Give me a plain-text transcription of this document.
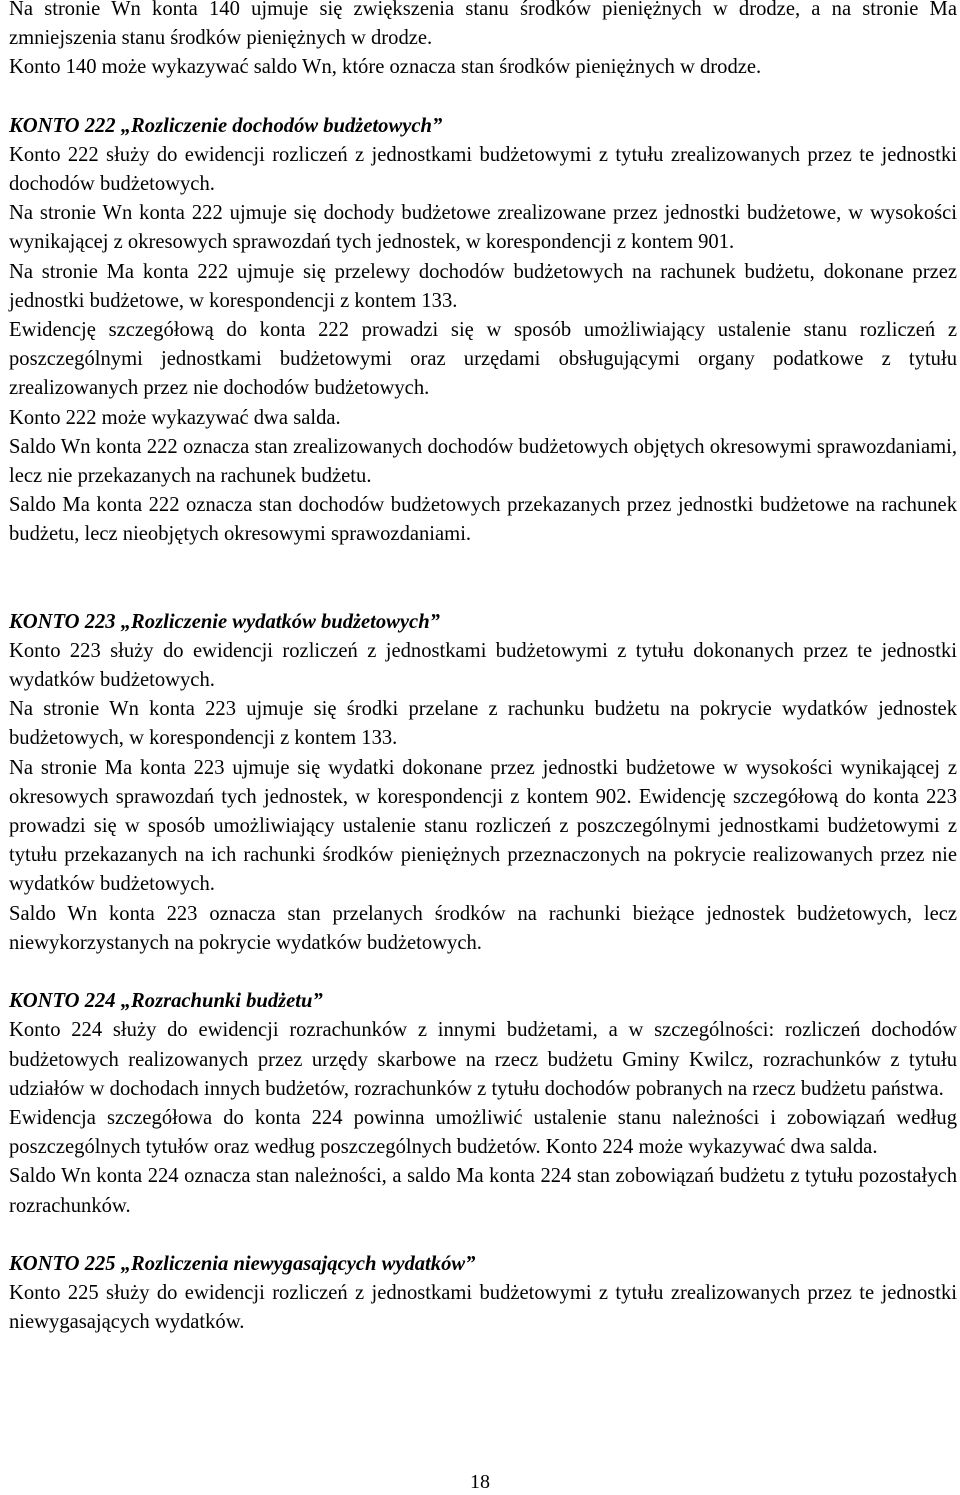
Na stronie Wn konta 140 ujmuje się zwiększenia stanu środków pieniężnych w drodze, a na stronie Ma zmniejszenia stanu środków pieniężnych w drodze.

Konto 140 może wykazywać saldo Wn, które oznacza stan środków pieniężnych w drodze.

KONTO 222 „Rozliczenie dochodów budżetowych”

Konto 222 służy do ewidencji rozliczeń z jednostkami budżetowymi z tytułu zrealizowanych przez te jednostki dochodów budżetowych.

Na stronie Wn konta 222 ujmuje się dochody budżetowe zrealizowane przez jednostki budżetowe, w wysokości wynikającej z okresowych sprawozdań tych jednostek, w korespondencji z kontem 901.

Na stronie Ma konta 222 ujmuje się przelewy dochodów budżetowych na rachunek budżetu, dokonane przez jednostki budżetowe, w korespondencji z kontem 133.

Ewidencję szczegółową do konta 222 prowadzi się w sposób umożliwiający ustalenie stanu rozliczeń z poszczególnymi jednostkami budżetowymi oraz urzędami obsługującymi organy podatkowe z tytułu zrealizowanych przez nie dochodów budżetowych.

Konto 222 może wykazywać dwa salda.

Saldo Wn konta 222 oznacza stan zrealizowanych dochodów budżetowych objętych okresowymi sprawozdaniami, lecz nie przekazanych na rachunek budżetu.

Saldo Ma konta 222 oznacza stan dochodów budżetowych przekazanych przez jednostki budżetowe na rachunek budżetu, lecz nieobjętych okresowymi sprawozdaniami.

KONTO 223 „Rozliczenie wydatków budżetowych”

Konto 223 służy do ewidencji rozliczeń z jednostkami budżetowymi z tytułu dokonanych przez te jednostki wydatków budżetowych.

Na stronie Wn konta 223 ujmuje się środki przelane z rachunku budżetu na pokrycie wydatków jednostek budżetowych, w korespondencji z kontem 133.

Na stronie Ma konta 223 ujmuje się wydatki dokonane przez jednostki budżetowe w wysokości wynikającej z okresowych sprawozdań tych jednostek, w korespondencji z kontem 902. Ewidencję szczegółową do konta 223 prowadzi się w sposób umożliwiający ustalenie stanu rozliczeń z poszczególnymi jednostkami budżetowymi z tytułu przekazanych na ich rachunki środków pieniężnych przeznaczonych na pokrycie realizowanych przez nie wydatków budżetowych.

Saldo Wn konta 223 oznacza stan przelanych środków na rachunki bieżące jednostek budżetowych, lecz niewykorzystanych na pokrycie wydatków budżetowych.

KONTO 224 „Rozrachunki budżetu”

Konto 224 służy do ewidencji rozrachunków z innymi budżetami, a w szczególności: rozliczeń dochodów budżetowych realizowanych przez urzędy skarbowe na rzecz budżetu Gminy Kwilcz, rozrachunków z tytułu udziałów w dochodach innych budżetów, rozrachunków z tytułu dochodów pobranych na rzecz budżetu państwa.

Ewidencja szczegółowa do konta 224 powinna umożliwić ustalenie stanu należności i zobowiązań według poszczególnych tytułów oraz według poszczególnych budżetów. Konto 224 może wykazywać dwa salda.

Saldo Wn konta 224 oznacza stan należności, a saldo Ma konta 224 stan zobowiązań budżetu z tytułu pozostałych rozrachunków.

KONTO 225 „Rozliczenia niewygasających wydatków”

Konto 225 służy do ewidencji rozliczeń z jednostkami budżetowymi z tytułu zrealizowanych przez te jednostki niewygasających wydatków.

18
